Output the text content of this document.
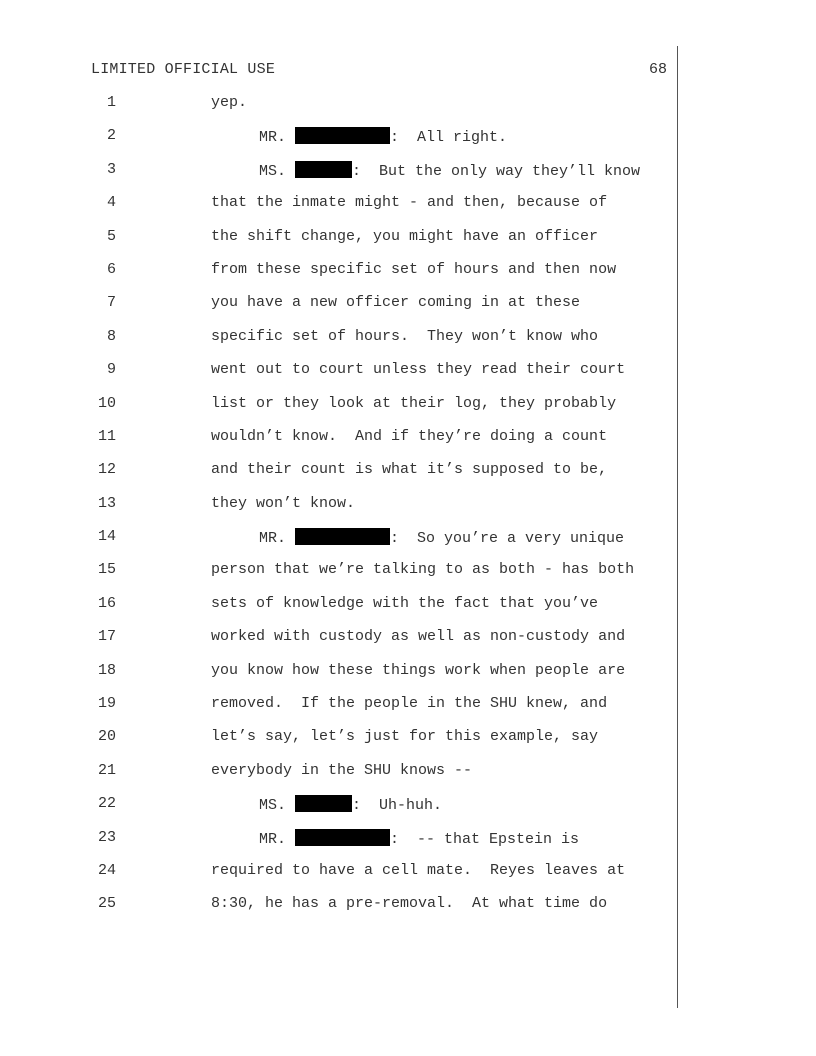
LIMITED OFFICIAL USE	68
1	yep.
2	MR.	:  All right.
3	MS.	:  But the only way they’ll know
4	that the inmate might - and then, because of
5	the shift change, you might have an officer
6	from these specific set of hours and then now
7	you have a new officer coming in at these
8	specific set of hours.  They won’t know who
9	went out to court unless they read their court
10	list or they look at their log, they probably
11	wouldn’t know.  And if they’re doing a count
12	and their count is what it’s supposed to be,
13	they won’t know.
14	MR.	:  So you’re a very unique
15	person that we’re talking to as both - has both
16	sets of knowledge with the fact that you’ve
17	worked with custody as well as non-custody and
18	you know how these things work when people are
19	removed.  If the people in the SHU knew, and
20	let’s say, let’s just for this example, say
21	everybody in the SHU knows --
22	MS.	:  Uh-huh.
23	MR.	:  -- that Epstein is
24	required to have a cell mate.  Reyes leaves at
25	8:30, he has a pre-removal.  At what time do
